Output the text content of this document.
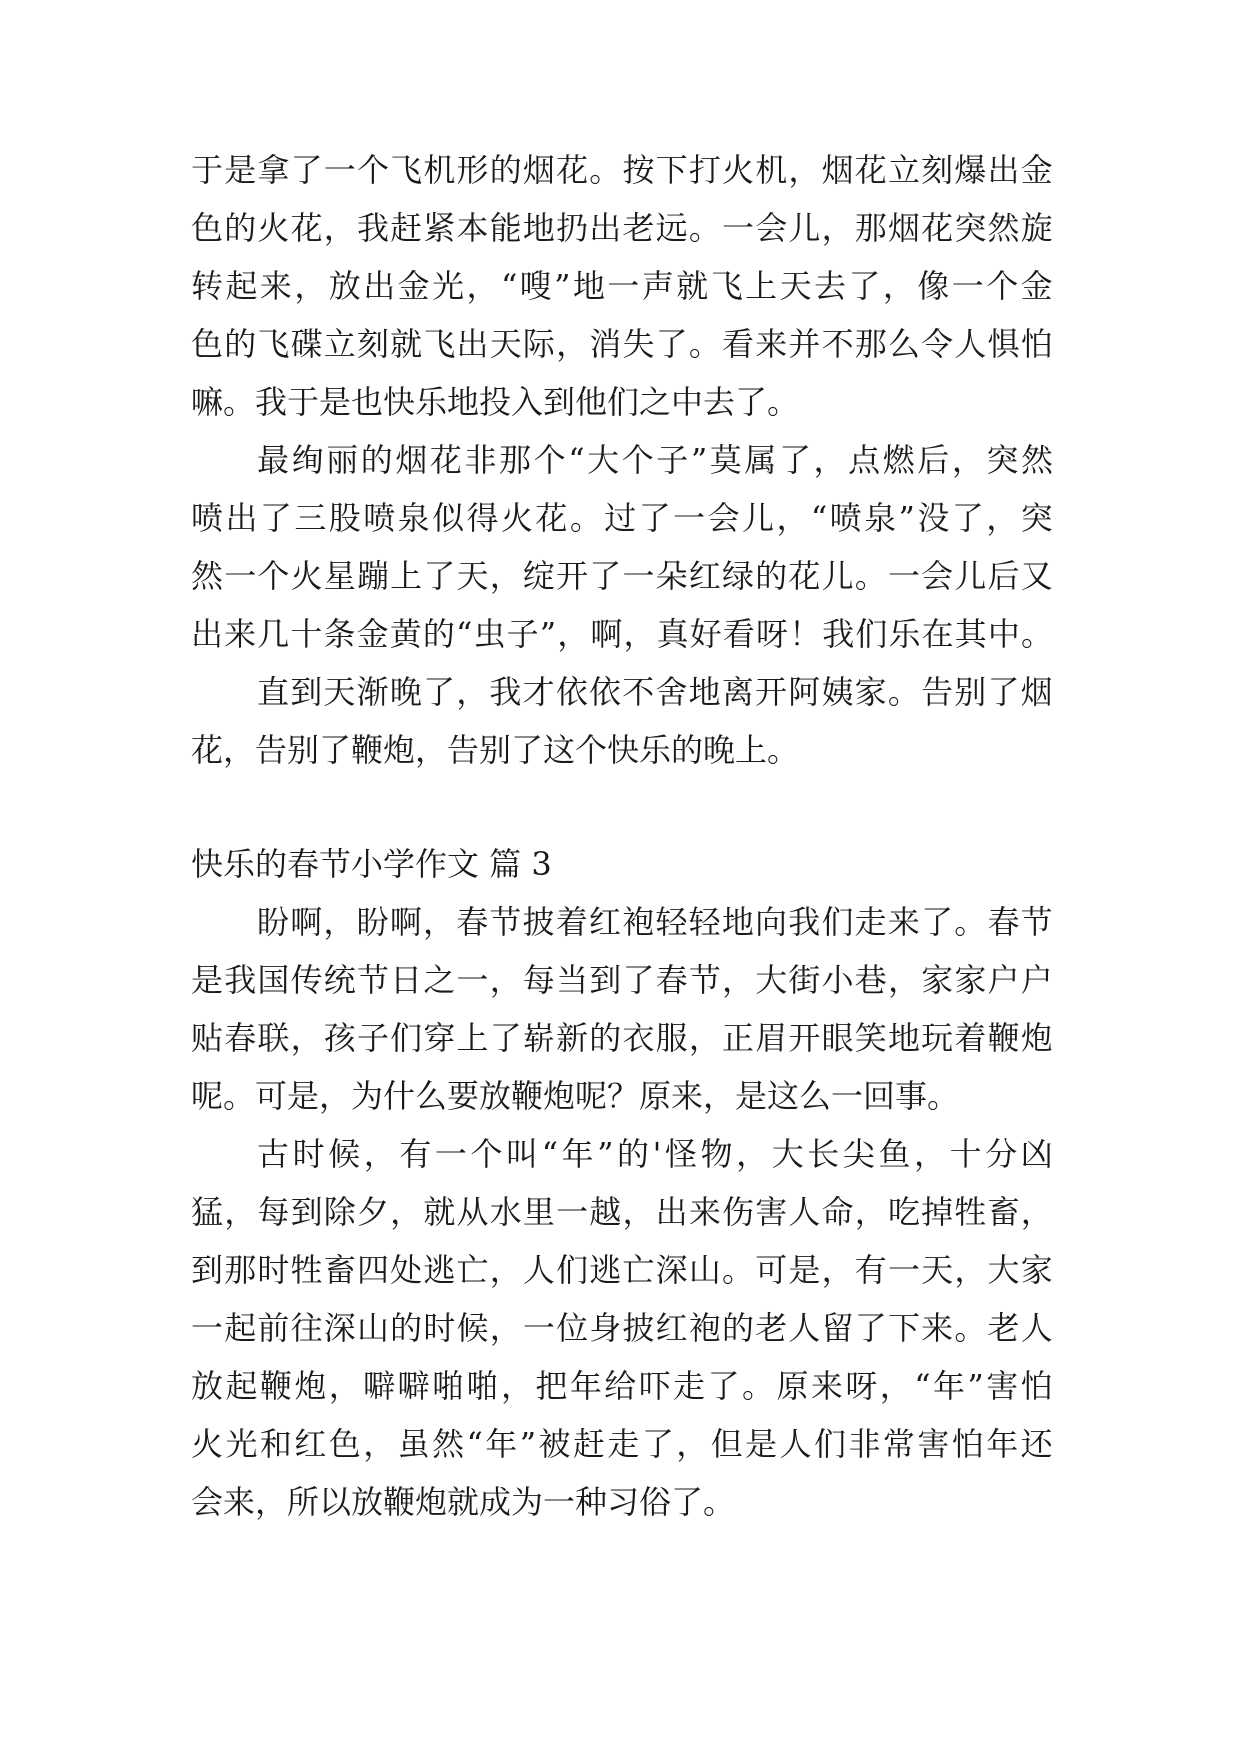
于 是 拿 了 一 个 飞 机 形 的 烟 花 。 按 下 打 火 机 ， 烟 花 立 刻 爆 出 金
色 的 火 花 ， 我 赶 紧 本 能 地 扔 出 老 远 。 一 会 儿 ， 那 烟 花 突 然 旋
转 起 来 ， 放 出 金 光 ， “ 嗖 ” 地 一 声 就 飞 上 天 去 了 ， 像 一 个 金
色 的 飞 碟 立 刻 就 飞 出 天 际 ， 消 失 了 。 看 来 并 不 那 么 令 人 惧 怕
嘛。我于是也快乐地投入到他们之中去了。
最 绚 丽 的 烟 花 非 那 个 “ 大 个 子 ” 莫 属 了 ， 点 燃 后 ， 突 然
喷 出 了 三 股 喷 泉 似 得 火 花 。 过 了 一 会 儿 ， “ 喷 泉 ” 没 了 ， 突
然 一 个 火 星 蹦 上 了 天 ， 绽 开 了 一 朵 红 绿 的 花 儿 。 一 会 儿 后 又
出 来 几 十 条 金 黄 的 “ 虫 子 ” ， 啊 ， 真 好 看 呀 ！ 我 们 乐 在 其 中 。
直 到 天 渐 晚 了 ， 我 才 依 依 不 舍 地 离 开 阿 姨 家 。 告 别 了 烟
花，告别了鞭炮，告别了这个快乐的晚上。
快乐的春节小学作文 篇 3
盼 啊 ， 盼 啊 ， 春 节 披 着 红 袍 轻 轻 地 向 我 们 走 来 了 。 春 节
是 我 国 传 统 节 日 之 一 ， 每 当 到 了 春 节 ， 大 街 小 巷 ， 家 家 户 户
贴 春 联 ， 孩 子 们 穿 上 了 崭 新 的 衣 服 ， 正 眉 开 眼 笑 地 玩 着 鞭 炮
呢。可是，为什么要放鞭炮呢？原来，是这么一回事。
古 时 候 ， 有 一 个 叫 “ 年 ” 的 ' 怪 物 ， 大 长 尖 鱼 ， 十 分 凶
猛 ， 每 到 除 夕 ， 就 从 水 里 一 越 ， 出 来 伤 害 人 命 ， 吃 掉 牲 畜 ，
到 那 时 牲 畜 四 处 逃 亡 ， 人 们 逃 亡 深 山 。 可 是 ， 有 一 天 ， 大 家
一 起 前 往 深 山 的 时 候 ， 一 位 身 披 红 袍 的 老 人 留 了 下 来 。 老 人
放 起 鞭 炮 ， 噼 噼 啪 啪 ， 把 年 给 吓 走 了 。 原 来 呀 ， “ 年 ” 害 怕
火 光 和 红 色 ， 虽 然 “ 年 ” 被 赶 走 了 ， 但 是 人 们 非 常 害 怕 年 还
会来，所以放鞭炮就成为一种习俗了。
